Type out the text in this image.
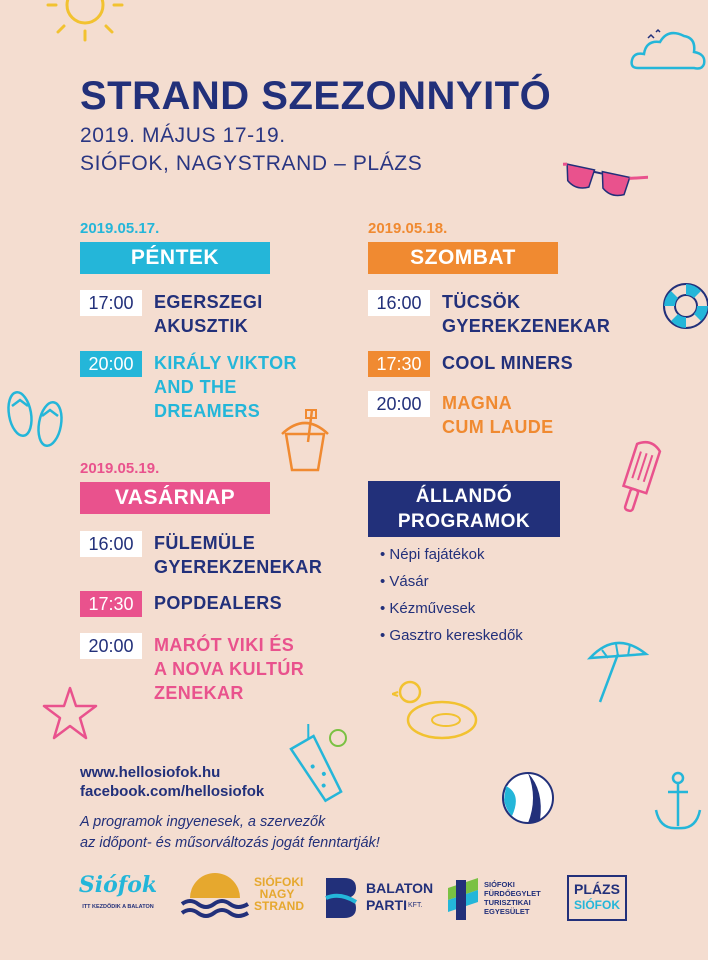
STRAND SZEZONNYITÓ
2019. MÁJUS 17-19.
SIÓFOK, NAGYSTRAND – PLÁZS
2019.05.17.
PÉNTEK
17:00	EGERSZEGI
AKUSZTIK
20:00	KIRÁLY VIKTOR
AND THE
DREAMERS
2019.05.18.
SZOMBAT
16:00	TÜCSÖK
GYEREKZENEKAR
17:30	COOL MINERS
20:00	MAGNA
CUM LAUDE
2019.05.19.
VASÁRNAP
16:00	FÜLEMÜLE
GYEREKZENEKAR
17:30	POPDEALERS
20:00	MARÓT VIKI ÉS
A NOVA KULTÚR
ZENEKAR
ÁLLANDÓ
PROGRAMOK
• Népi fajátékok
• Vásár
• Kézművesek
• Gasztro kereskedők
www.hellosiofok.hu
facebook.com/hellosiofok
A programok ingyenesek, a szervezők
az időpont- és műsorváltozás jogát fenntartják!
Siófok
ITT KEZDŐDIK A BALATON
SIÓFOKI
NAGY
STRAND
BALATON
PARTI KFT.
SIÓFOKI
FÜRDŐEGYLET
TURISZTIKAI
EGYESÜLET
PLÁZS
SIÓFOK
